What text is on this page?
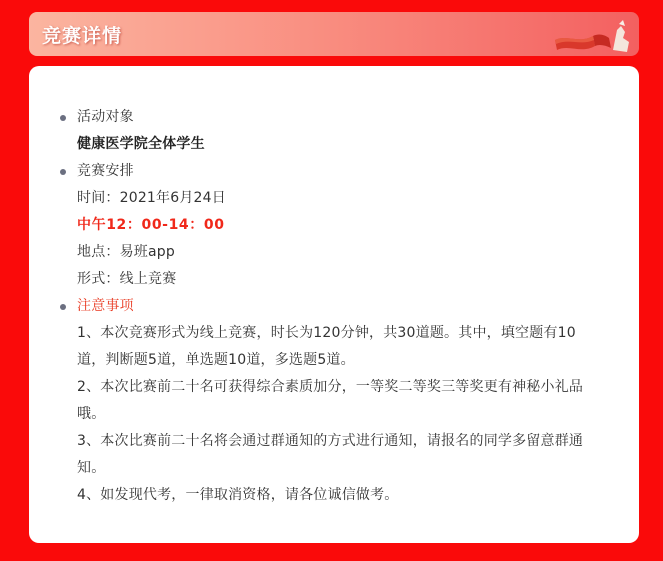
竞赛详情

活动对象

健康医学院全体学生

竞赛安排

时间：2021年6月24日

中午12：00-14：00

地点：易班app

形式：线上竞赛

注意事项

1、本次竞赛形式为线上竞赛，时长为120分钟，共30道题。其中，填空题有10

道，判断题5道，单选题10道，多选题5道。

2、本次比赛前二十名可获得综合素质加分，一等奖二等奖三等奖更有神秘小礼品

哦。

3、本次比赛前二十名将会通过群通知的方式进行通知，请报名的同学多留意群通

知。

4、如发现代考，一律取消资格，请各位诚信做考。
